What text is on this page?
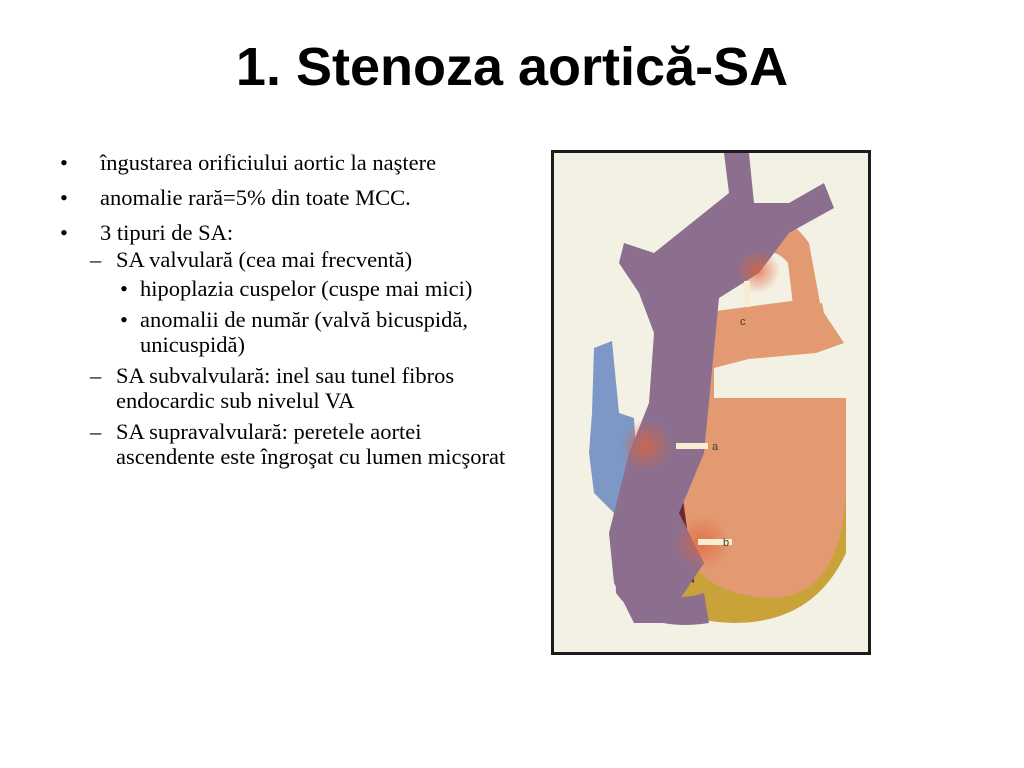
1. Stenoza aortică-SA
• îngustarea orificiului aortic la naştere
• anomalie rară=5% din toate MCC.
• 3 tipuri de SA:
– SA valvulară (cea mai frecventă)
• hipoplazia cuspelor (cuspe mai mici)
• anomalii de număr (valvă bicuspidă, unicuspidă)
– SA subvalvulară: inel sau tunel fibros endocardic sub nivelul VA
– SA supravalvulară: peretele aortei ascendente este îngroşat cu lumen micşorat
c
a
b
